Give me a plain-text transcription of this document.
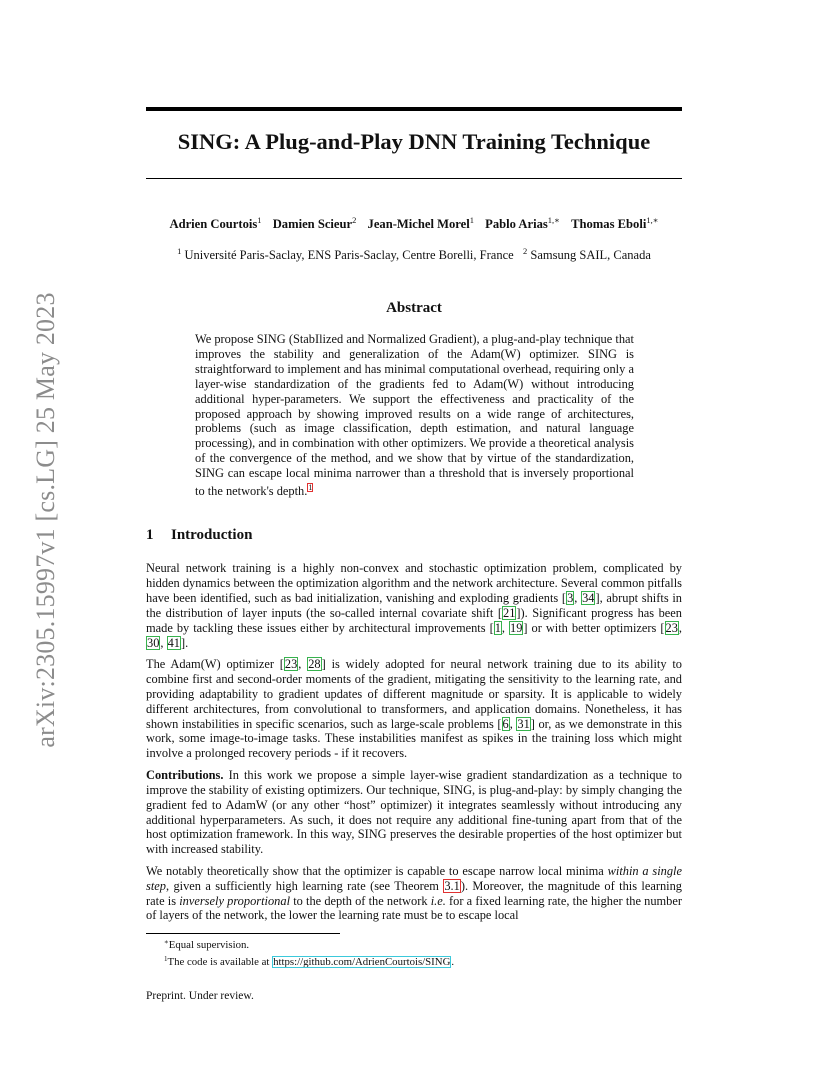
arXiv:2305.15997v1 [cs.LG] 25 May 2023
SING: A Plug-and-Play DNN Training Technique
Adrien Courtois$^1$ Damien Scieur$^2$ Jean-Michel Morel$^1$ Pablo Arias$^{1,∗}$ Thomas Eboli$^{1,∗}$
$^1$ Université Paris-Saclay, ENS Paris-Saclay, Centre Borelli, France $^2$ Samsung SAIL, Canada
Abstract

We propose SING (StabIlized and Normalized Gradient), a plug-and-play technique that improves the stability and generalization of the Adam(W) optimizer. SING is straightforward to implement and has minimal computational overhead, requiring only a layer-wise standardization of the gradients fed to Adam(W) without introducing additional hyper-parameters. We support the effectiveness and practicality of the proposed approach by showing improved results on a wide range of architectures, problems (such as image classification, depth estimation, and natural language processing), and in combination with other optimizers. We provide a theoretical analysis of the convergence of the method, and we show that by virtue of the standardization, SING can escape local minima narrower than a threshold that is inversely proportional to the network's depth.$^1$

1 Introduction

Neural network training is a highly non-convex and stochastic optimization problem, complicated by hidden dynamics between the optimization algorithm and the network architecture. Several common pitfalls have been identified, such as bad initialization, vanishing and exploding gradients [3, 34], abrupt shifts in the distribution of layer inputs (the so-called internal covariate shift [21]). Significant progress has been made by tackling these issues either by architectural improvements [1, 19] or with better optimizers [23, 30, 41].

The Adam(W) optimizer [23, 28] is widely adopted for neural network training due to its ability to combine first and second-order moments of the gradient, mitigating the sensitivity to the learning rate, and providing adaptability to gradient updates of different magnitude or sparsity. It is applicable to widely different architectures, from convolutional to transformers, and application domains. Nonetheless, it has shown instabilities in specific scenarios, such as large-scale problems [6, 31] or, as we demonstrate in this work, some image-to-image tasks. These instabilities manifest as spikes in the training loss which might involve a prolonged recovery periods - if it recovers.

Contributions. In this work we propose a simple layer-wise gradient standardization as a technique to improve the stability of existing optimizers. Our technique, SING, is plug-and-play: by simply changing the gradient fed to AdamW (or any other “host” optimizer) it integrates seamlessly without introducing any additional hyperparameters. As such, it does not require any additional fine-tuning apart from that of the host optimization framework. In this way, SING preserves the desirable properties of the host optimizer but with increased stability.

We notably theoretically show that the optimizer is capable to escape narrow local minima within a single step, given a sufficiently high learning rate (see Theorem 3.1). Moreover, the magnitude of this learning rate is inversely proportional to the depth of the network i.e. for a fixed learning rate, the higher the number of layers of the network, the lower the learning rate must be to escape local

∗Equal supervision.
$^1$The code is available at https://github.com/AdrienCourtois/SING.
Preprint. Under review.
